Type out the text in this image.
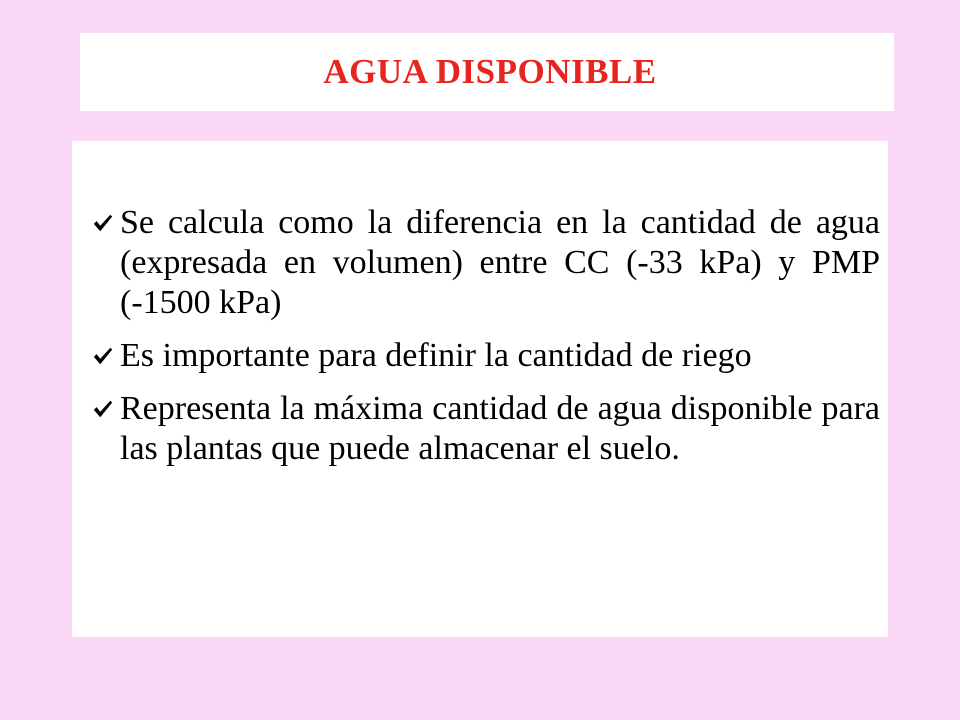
AGUA DISPONIBLE
Se calcula como la diferencia en la cantidad de agua (expresada en volumen) entre CC (-33 kPa) y PMP (-1500 kPa)
Es importante para definir la cantidad de riego
Representa la máxima cantidad de agua disponible para las plantas que puede almacenar el suelo.
